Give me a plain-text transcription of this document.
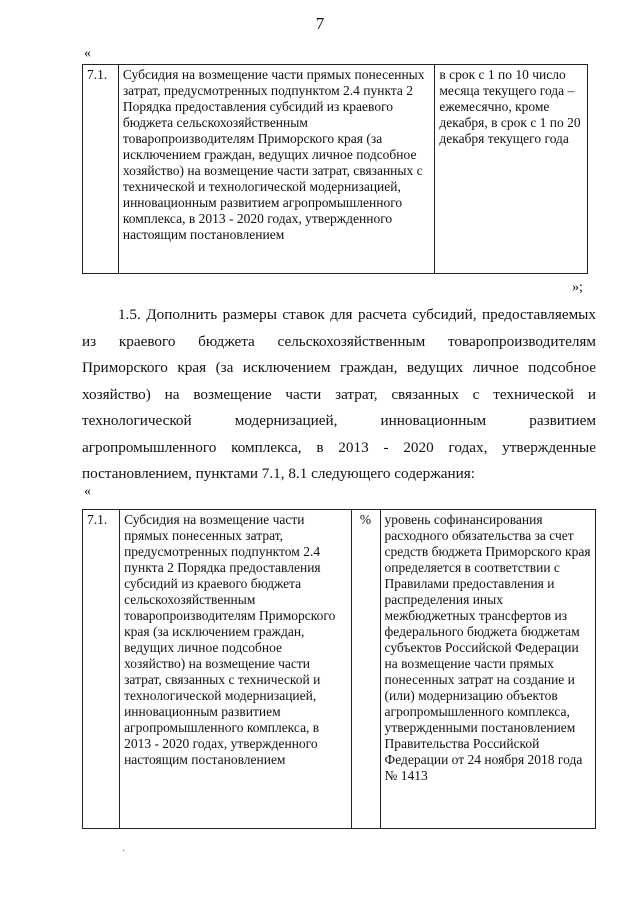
7
«
7.1.	Субсидия на возмещение части прямых понесенных затрат, предусмотренных подпунктом 2.4 пункта 2 Порядка предоставления субсидий из краевого бюджета сельскохозяйственным товаропроизводителям Приморского края (за исключением граждан, ведущих личное подсобное хозяйство) на возмещение части затрат, связанных с технической и технологической модернизацией, инновационным развитием агропромышленного комплекса, в 2013 - 2020 годах, утвержденного настоящим постановлением	в срок с 1 по 10 число месяца текущего года – ежемесячно, кроме декабря, в срок с 1 по 20 декабря текущего года
»;
1.5. Дополнить размеры ставок для расчета субсидий, предоставляемых из краевого бюджета сельскохозяйственным товаропроизводителям Приморского края (за исключением граждан, ведущих личное подсобное хозяйство) на возмещение части затрат, связанных с технической и технологической модернизацией, инновационным развитием агропромышленного комплекса, в 2013 - 2020 годах, утвержденные постановлением, пунктами 7.1, 8.1 следующего содержания:
«
7.1.	Субсидия на возмещение части прямых понесенных затрат, предусмотренных подпунктом 2.4 пункта 2 Порядка предоставления субсидий из краевого бюджета сельскохозяйственным товаропроизводителям Приморского края (за исключением граждан, ведущих личное подсобное хозяйство) на возмещение части затрат, связанных с технической и технологической модернизацией, инновационным развитием агропромышленного комплекса, в 2013 - 2020 годах, утвержденного настоящим постановлением	%	уровень софинансирования расходного обязательства за счет средств бюджета Приморского края определяется в соответствии с Правилами предоставления и распределения иных межбюджетных трансфертов из федерального бюджета бюджетам субъектов Российской Федерации на возмещение части прямых понесенных затрат на создание и (или) модернизацию объектов агропромышленного комплекса, утвержденными постановлением Правительства Российской Федерации от 24 ноября 2018 года № 1413
·
